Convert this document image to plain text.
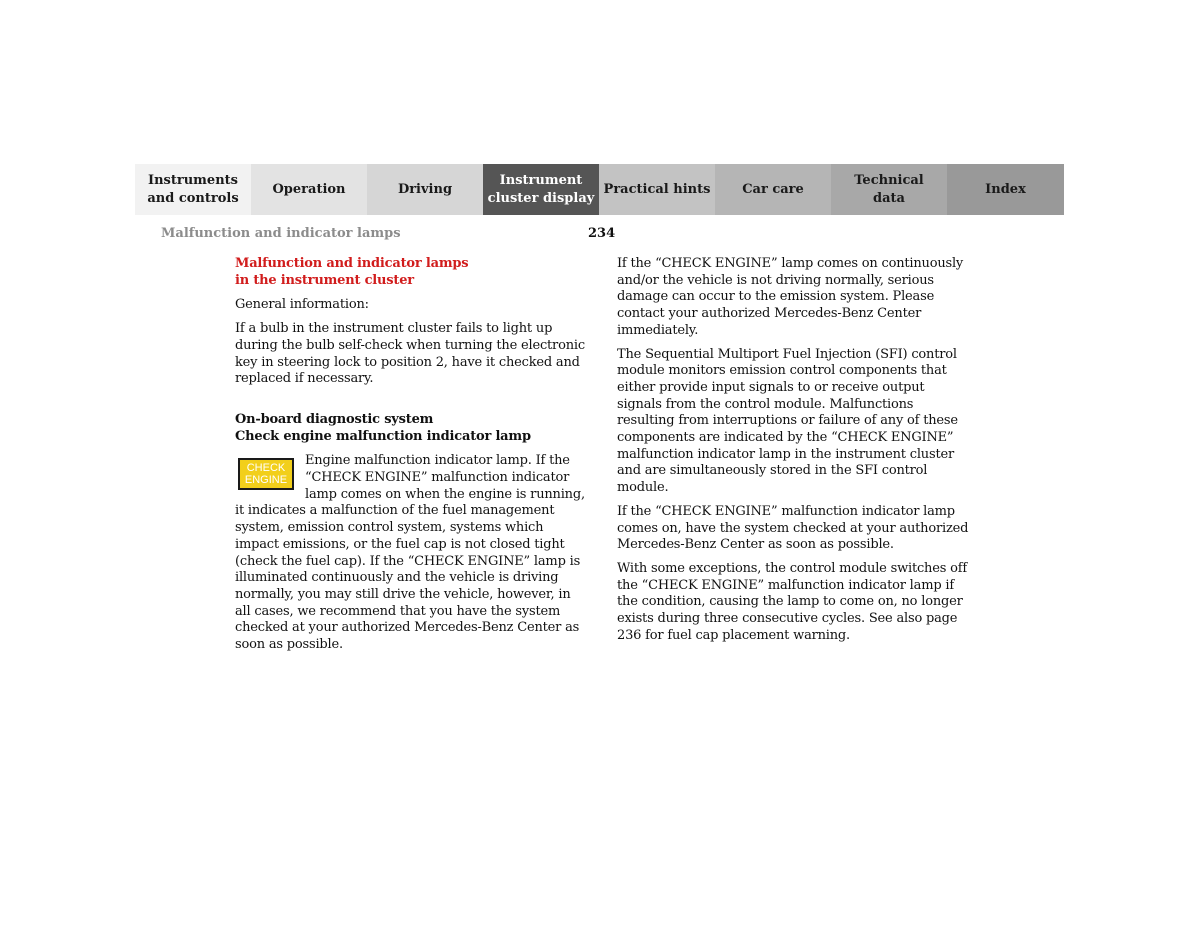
Instruments
and controls
Operation	Driving
Instrument
cluster display
Practical hints	Car care
Technical
data
Index
Malfunction and indicator lamps	234
Malfunction and indicator lamps
in the instrument cluster

General information:

If a bulb in the instrument cluster fails to light up during the bulb self-check when turning the electronic key in steering lock to position 2, have it checked and replaced if necessary.

On-board diagnostic system
Check engine malfunction indicator lamp
CHECK
ENGINE
Engine malfunction indicator lamp. If the “CHECK ENGINE” malfunction indicator lamp comes on when the engine is running, it indicates a malfunction of the fuel management system, emission control system, systems which impact emissions, or the fuel cap is not closed tight (check the fuel cap). If the “CHECK ENGINE” lamp is illuminated continuously and the vehicle is driving normally, you may still drive the vehicle, however, in all cases, we recommend that you have the system checked at your authorized Mercedes-Benz Center as soon as possible.

If the “CHECK ENGINE” lamp comes on continuously and/or the vehicle is not driving normally, serious damage can occur to the emission system. Please contact your authorized Mercedes-Benz Center immediately.

The Sequential Multiport Fuel Injection (SFI) control module monitors emission control components that either provide input signals to or receive output signals from the control module. Malfunctions resulting from interruptions or failure of any of these components are indicated by the “CHECK ENGINE” malfunction indicator lamp in the instrument cluster and are simultaneously stored in the SFI control module.

If the “CHECK ENGINE” malfunction indicator lamp comes on, have the system checked at your authorized Mercedes-Benz Center as soon as possible.

With some exceptions, the control module switches off the “CHECK ENGINE” malfunction indicator lamp if the condition, causing the lamp to come on, no longer exists during three consecutive cycles. See also page 236 for fuel cap placement warning.
